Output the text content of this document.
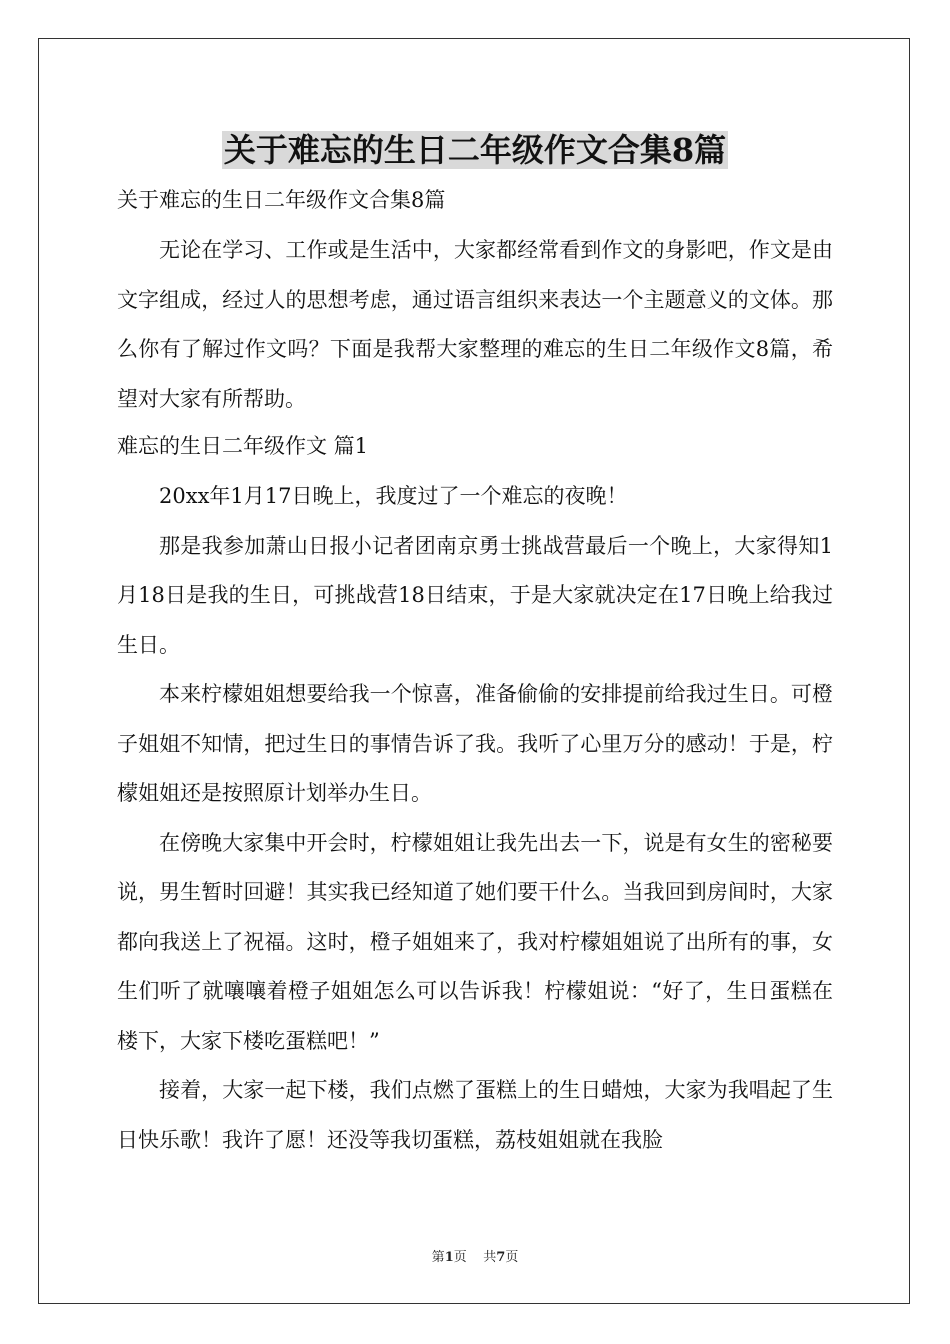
关于难忘的生日二年级作文合集8篇

关于难忘的生日二年级作文合集8篇

无论在学习、工作或是生活中，大家都经常看到作文的身影吧，作文是由文字组成，经过人的思想考虑，通过语言组织来表达一个主题意义的文体。那么你有了解过作文吗？下面是我帮大家整理的难忘的生日二年级作文8篇，希望对大家有所帮助。

难忘的生日二年级作文 篇1

20xx年1月17日晚上，我度过了一个难忘的夜晚！

那是我参加萧山日报小记者团南京勇士挑战营最后一个晚上，大家得知1月18日是我的生日，可挑战营18日结束，于是大家就决定在17日晚上给我过生日。

本来柠檬姐姐想要给我一个惊喜，准备偷偷的安排提前给我过生日。可橙子姐姐不知情，把过生日的事情告诉了我。我听了心里万分的感动！于是，柠檬姐姐还是按照原计划举办生日。

在傍晚大家集中开会时，柠檬姐姐让我先出去一下，说是有女生的密秘要说，男生暂时回避！其实我已经知道了她们要干什么。当我回到房间时，大家都向我送上了祝福。这时，橙子姐姐来了，我对柠檬姐姐说了出所有的事，女生们听了就嚷嚷着橙子姐姐怎么可以告诉我！柠檬姐说：“好了，生日蛋糕在楼下，大家下楼吃蛋糕吧！”

接着，大家一起下楼，我们点燃了蛋糕上的生日蜡烛，大家为我唱起了生日快乐歌！我许了愿！还没等我切蛋糕，荔枝姐姐就在我脸

第1页    共7页
